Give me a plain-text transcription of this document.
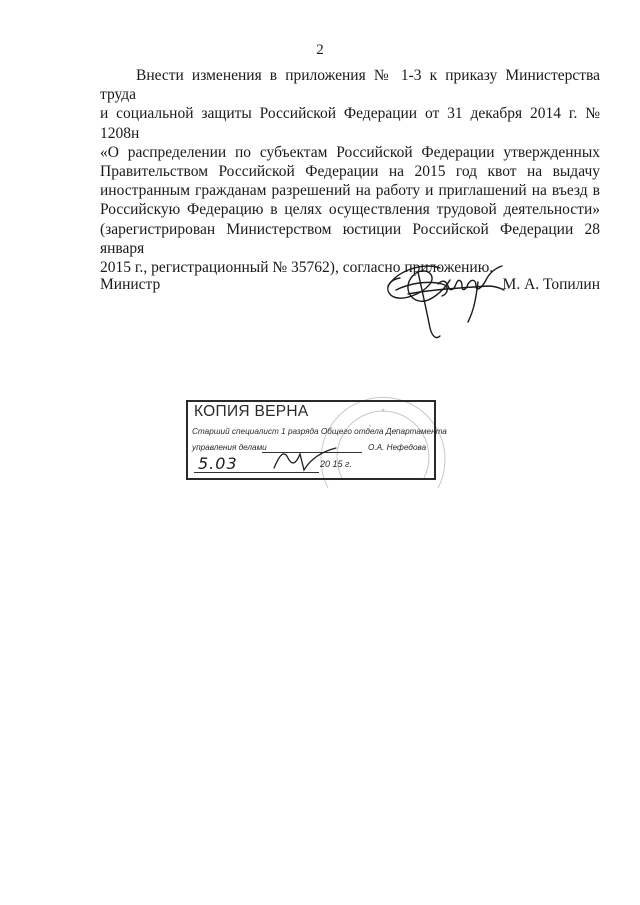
2
Внести изменения в приложения № 1-3 к приказу Министерства труда
и социальной защиты Российской Федерации от 31 декабря 2014 г. № 1208н
«О распределении по субъектам Российской Федерации утвержденных
Правительством Российской Федерации на 2015 год квот на выдачу
иностранным гражданам разрешений на работу и приглашений на въезд в
Российскую Федерацию в целях осуществления трудовой деятельности»
(зарегистрирован Министерством юстиции Российской Федерации 28 января
2015 г., регистрационный № 35762), согласно приложению.
Министр	М. А. Топилин
КОПИЯ ВЕРНА
Старший специалист 1 разряда Общего отдела Департамента
управления делами	О.А. Нефедова
5.03	20 15 г.
